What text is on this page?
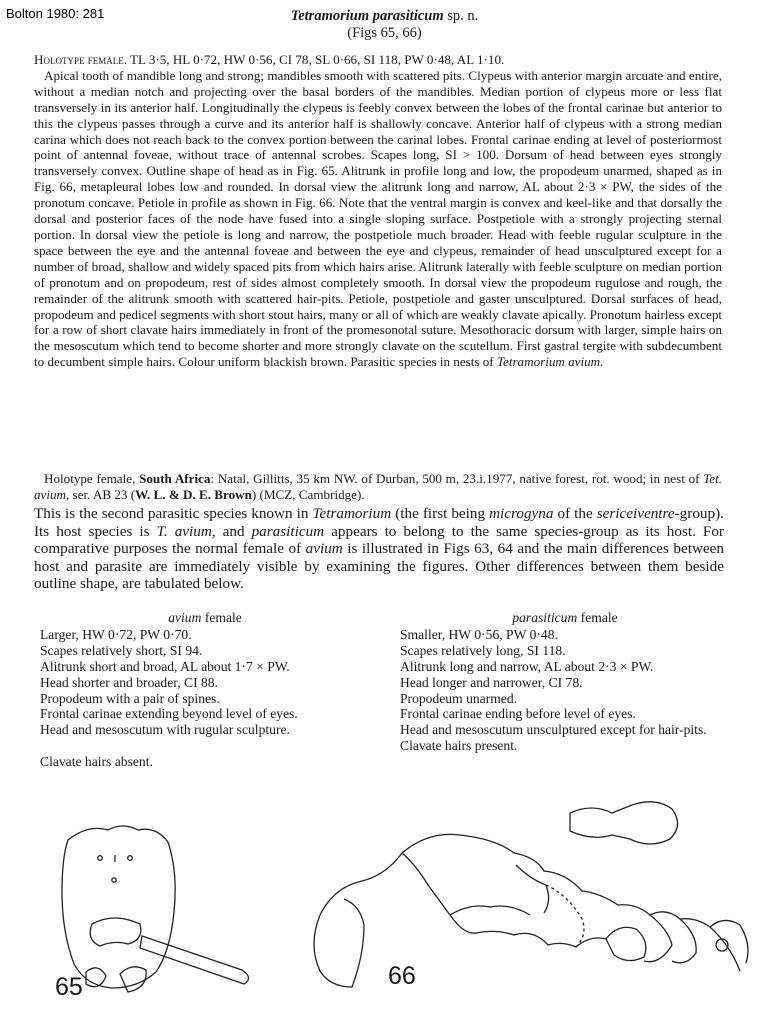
Bolton 1980: 281	Tetramorium parasiticum sp. n.
(Figs 65, 66)

Holotype female. TL 3·5, HL 0·72, HW 0·56, CI 78, SL 0·66, SI 118, PW 0·48, AL 1·10.

Apical tooth of mandible long and strong; mandibles smooth with scattered pits. Clypeus with anterior margin arcuate and entire, without a median notch and projecting over the basal borders of the mandibles. Median portion of clypeus more or less flat transversely in its anterior half. Longitudinally the clypeus is feebly convex between the lobes of the frontal carinae but anterior to this the clypeus passes through a curve and its anterior half is shallowly concave. Anterior half of clypeus with a strong median carina which does not reach back to the convex portion between the carinal lobes. Frontal carinae ending at level of posteriormost point of antennal foveae, without trace of antennal scrobes. Scapes long, SI > 100. Dorsum of head between eyes strongly transversely convex. Outline shape of head as in Fig. 65. Alitrunk in profile long and low, the propodeum unarmed, shaped as in Fig. 66, metapleural lobes low and rounded. In dorsal view the alitrunk long and narrow, AL about 2·3 × PW, the sides of the pronotum concave. Petiole in profile as shown in Fig. 66. Note that the ventral margin is convex and keel-like and that dorsally the dorsal and posterior faces of the node have fused into a single sloping surface. Postpetiole with a strongly projecting sternal portion. In dorsal view the petiole is long and narrow, the postpetiole much broader. Head with feeble rugular sculpture in the space between the eye and the antennal foveae and between the eye and clypeus, remainder of head unsculptured except for a number of broad, shallow and widely spaced pits from which hairs arise. Alitrunk laterally with feeble sculpture on median portion of pronotum and on propodeum, rest of sides almost completely smooth. In dorsal view the propodeum rugulose and rough, the remainder of the alitrunk smooth with scattered hair-pits. Petiole, postpetiole and gaster unsculptured. Dorsal surfaces of head, propodeum and pedicel segments with short stout hairs, many or all of which are weakly clavate apically. Pronotum hairless except for a row of short clavate hairs immediately in front of the promesonotal suture. Mesothoracic dorsum with larger, simple hairs on the mesoscutum which tend to become shorter and more strongly clavate on the scutellum. First gastral tergite with subdecumbent to decumbent simple hairs. Colour uniform blackish brown. Parasitic species in nests of Tetramorium avium.

Holotype female, South Africa: Natal, Gillitts, 35 km NW. of Durban, 500 m, 23.i.1977, native forest, rot. wood; in nest of Tet. avium, ser. AB 23 (W. L. & D. E. Brown) (MCZ, Cambridge).

This is the second parasitic species known in Tetramorium (the first being microgyna of the sericeiventre-group). Its host species is T. avium, and parasiticum appears to belong to the same species-group as its host. For comparative purposes the normal female of avium is illustrated in Figs 63, 64 and the main differences between host and parasite are immediately visible by examining the figures. Other differences between them beside outline shape, are tabulated below.

avium female
Larger, HW 0·72, PW 0·70.
Scapes relatively short, SI 94.
Alitrunk short and broad, AL about 1·7 × PW.
Head shorter and broader, CI 88.
Propodeum with a pair of spines.
Frontal carinae extending beyond level of eyes.
Head and mesoscutum with rugular sculpture.
Clavate hairs absent.
parasiticum female
Smaller, HW 0·56, PW 0·48.
Scapes relatively long, SI 118.
Alitrunk long and narrow, AL about 2·3 × PW.
Head longer and narrower, CI 78.
Propodeum unarmed.
Frontal carinae ending before level of eyes.
Head and mesoscutum unsculptured except for hair-pits.
Clavate hairs present.
65	66
